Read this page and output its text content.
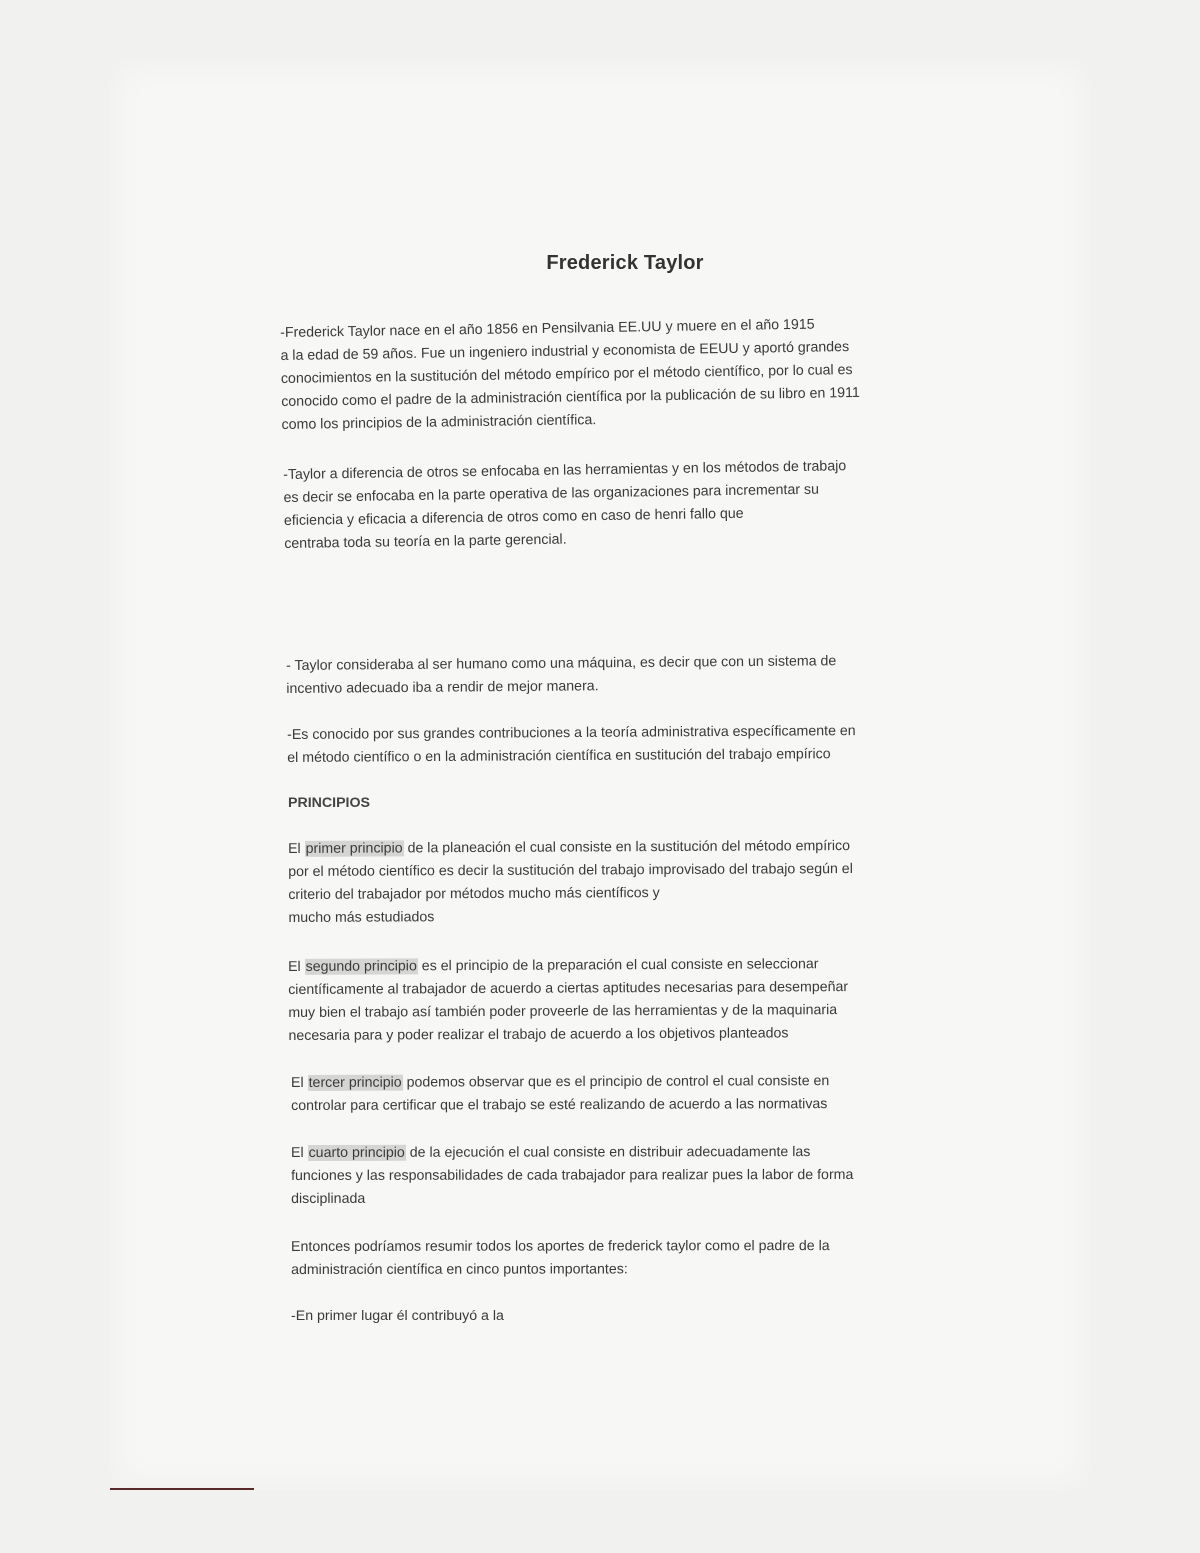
Frederick Taylor

-Frederick Taylor nace en el año 1856 en Pensilvania EE.UU y muere en el año 1915
a la edad de 59 años. Fue un ingeniero industrial y economista de EEUU y aportó grandes
conocimientos en la sustitución del método empírico por el método científico, por lo cual es
conocido como el padre de la administración científica por la publicación de su libro en 1911
como los principios de la administración científica.

-Taylor a diferencia de otros se enfocaba en las herramientas y en los métodos de trabajo
es decir se enfocaba en la parte operativa de las organizaciones para incrementar su
eficiencia y eficacia a diferencia de otros como en caso de henri fallo que
centraba toda su teoría en la parte gerencial.

- Taylor consideraba al ser humano como una máquina, es decir que con un sistema de
incentivo adecuado iba a rendir de mejor manera.

-Es conocido por sus grandes contribuciones a la teoría administrativa específicamente en
el método científico o en la administración científica en sustitución del trabajo empírico

PRINCIPIOS

El primer principio de la planeación el cual consiste en la sustitución del método empírico
por el método científico es decir la sustitución del trabajo improvisado del trabajo según el
criterio del trabajador por métodos mucho más científicos y
mucho más estudiados

El segundo principio es el principio de la preparación el cual consiste en seleccionar
científicamente al trabajador de acuerdo a ciertas aptitudes necesarias para desempeñar
muy bien el trabajo así también poder proveerle de las herramientas y de la maquinaria
necesaria para y poder realizar el trabajo de acuerdo a los objetivos planteados

El tercer principio podemos observar que es el principio de control el cual consiste en
controlar para certificar que el trabajo se esté realizando de acuerdo a las normativas

El cuarto principio de la ejecución el cual consiste en distribuir adecuadamente las
funciones y las responsabilidades de cada trabajador para realizar pues la labor de forma
disciplinada

Entonces podríamos resumir todos los aportes de frederick taylor como el padre de la
administración científica en cinco puntos importantes:

-En primer lugar él contribuyó a la
